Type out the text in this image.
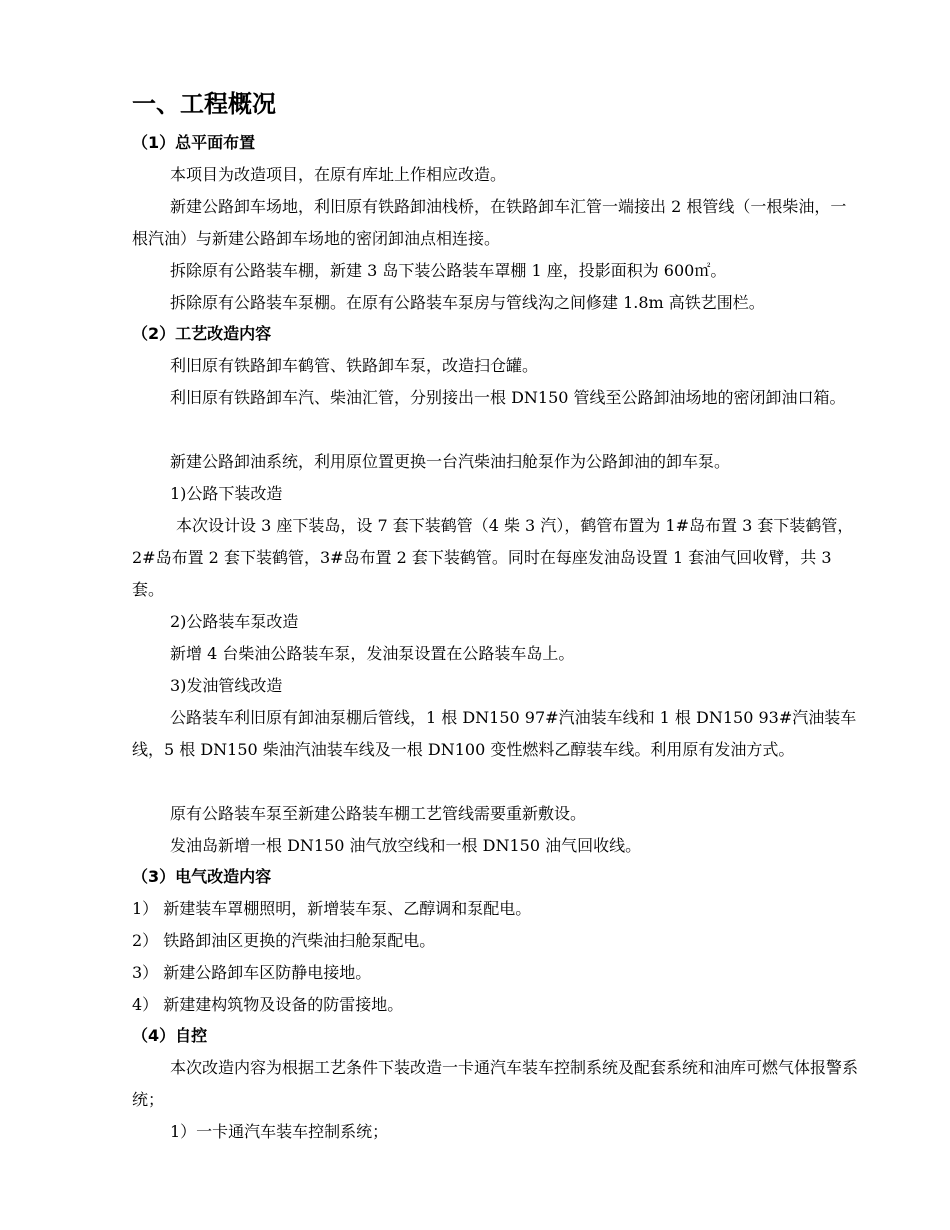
一、工程概况
（1）总平面布置
本项目为改造项目，在原有库址上作相应改造。
新建公路卸车场地，利旧原有铁路卸油栈桥，在铁路卸车汇管一端接出 2 根管线（一根柴油，一根汽油）与新建公路卸车场地的密闭卸油点相连接。
拆除原有公路装车棚，新建 3 岛下装公路装车罩棚 1 座，投影面积为 600㎡。
拆除原有公路装车泵棚。在原有公路装车泵房与管线沟之间修建 1.8m 高铁艺围栏。
（2）工艺改造内容
利旧原有铁路卸车鹤管、铁路卸车泵，改造扫仓罐。
利旧原有铁路卸车汽、柴油汇管，分别接出一根 DN150 管线至公路卸油场地的密闭卸油口箱。
新建公路卸油系统，利用原位置更换一台汽柴油扫舱泵作为公路卸油的卸车泵。
1)公路下装改造
本次设计设 3 座下装岛，设 7 套下装鹤管（4 柴 3 汽），鹤管布置为 1#岛布置 3 套下装鹤管，2#岛布置 2 套下装鹤管，3#岛布置 2 套下装鹤管。同时在每座发油岛设置 1 套油气回收臂，共 3 套。
2)公路装车泵改造
新增 4 台柴油公路装车泵，发油泵设置在公路装车岛上。
3)发油管线改造
公路装车利旧原有卸油泵棚后管线，1 根 DN150 97#汽油装车线和 1 根 DN150 93#汽油装车线，5 根 DN150 柴油汽油装车线及一根 DN100 变性燃料乙醇装车线。利用原有发油方式。
原有公路装车泵至新建公路装车棚工艺管线需要重新敷设。
发油岛新增一根 DN150 油气放空线和一根 DN150 油气回收线。
（3）电气改造内容
1） 新建装车罩棚照明，新增装车泵、乙醇调和泵配电。
2） 铁路卸油区更换的汽柴油扫舱泵配电。
3） 新建公路卸车区防静电接地。
4） 新建建构筑物及设备的防雷接地。
（4）自控
本次改造内容为根据工艺条件下装改造一卡通汽车装车控制系统及配套系统和油库可燃气体报警系统；
1）一卡通汽车装车控制系统；
